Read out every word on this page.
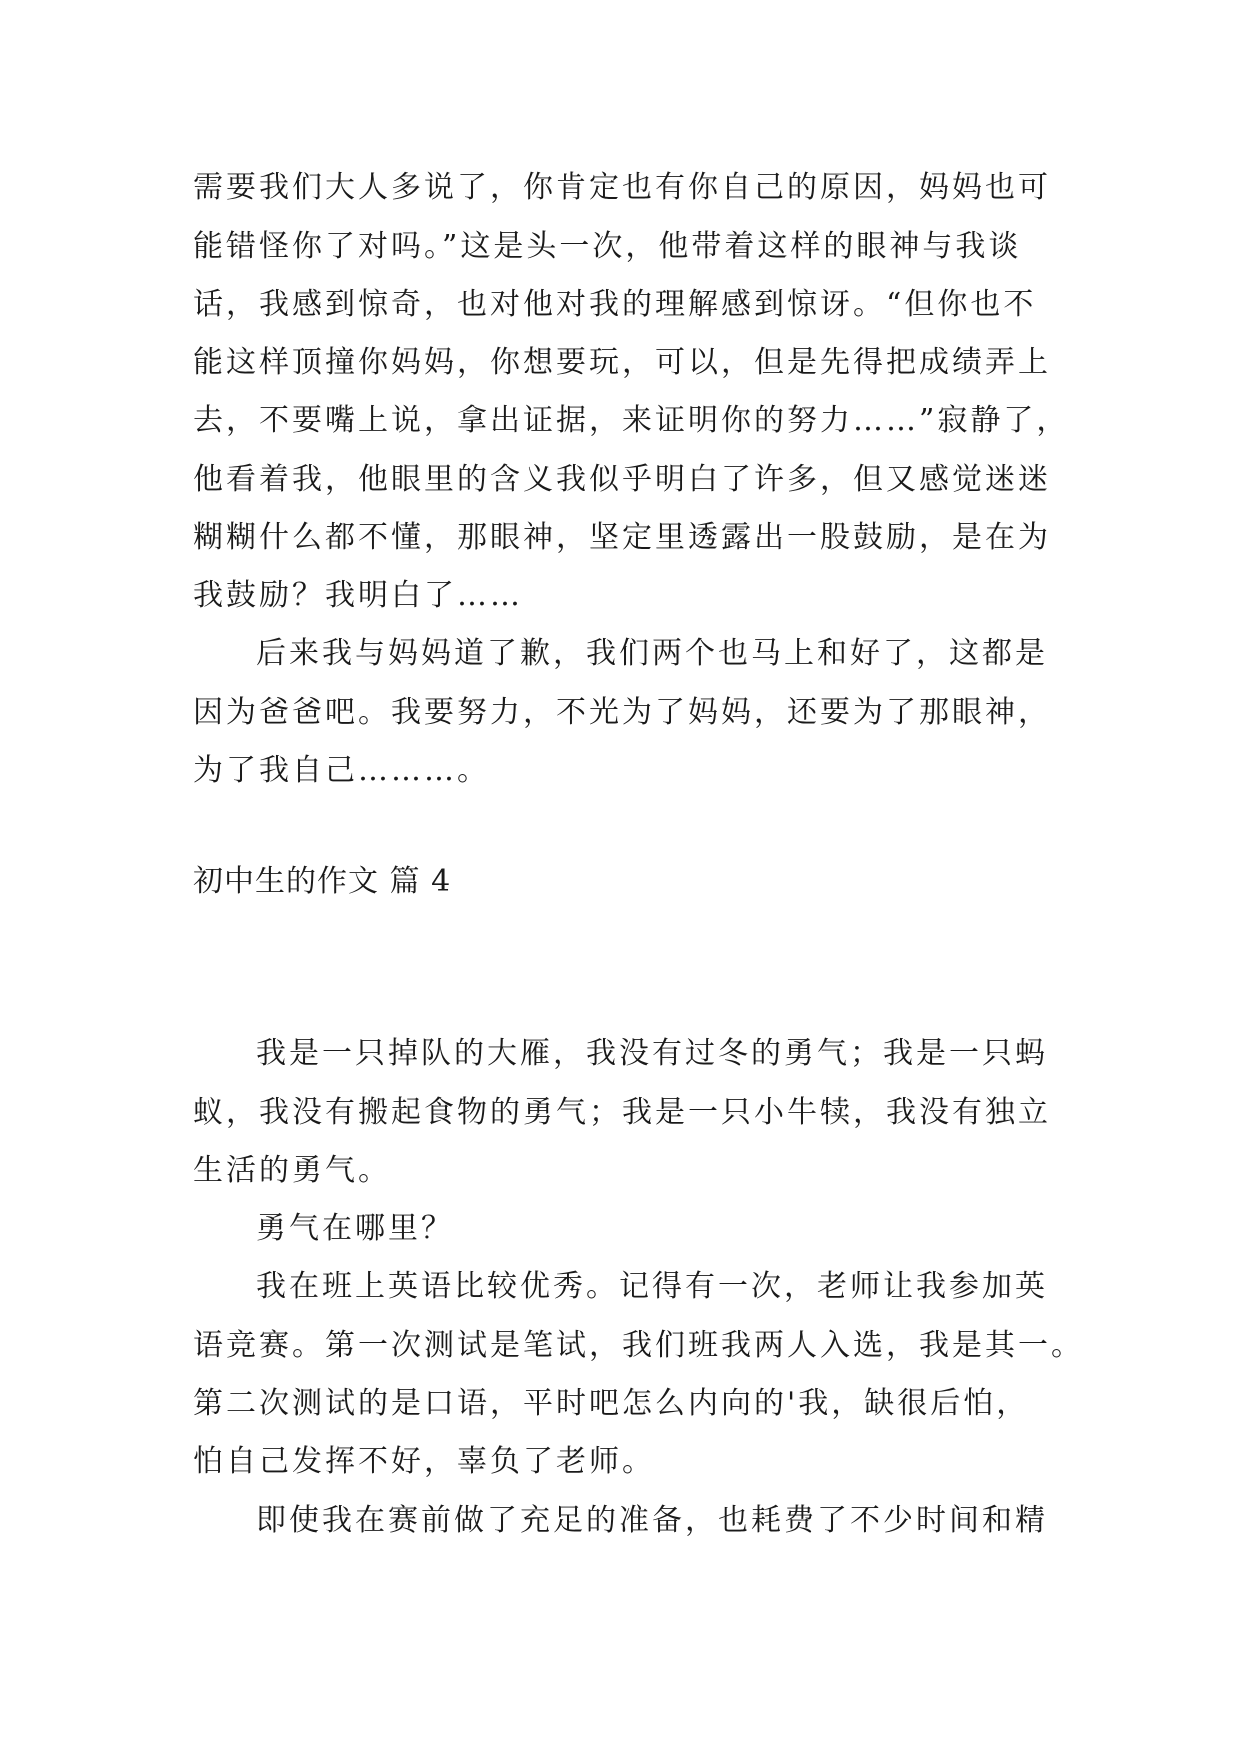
需要我们大人多说了，你肯定也有你自己的原因，妈妈也可
能错怪你了对吗。”这是头一次，他带着这样的眼神与我谈
话，我感到惊奇，也对他对我的理解感到惊讶。“但你也不
能这样顶撞你妈妈，你想要玩，可以，但是先得把成绩弄上
去，不要嘴上说，拿出证据，来证明你的努力……”寂静了，
他看着我，他眼里的含义我似乎明白了许多，但又感觉迷迷
糊糊什么都不懂，那眼神，坚定里透露出一股鼓励，是在为
我鼓励？我明白了……
后来我与妈妈道了歉，我们两个也马上和好了，这都是
因为爸爸吧。我要努力，不光为了妈妈，还要为了那眼神，
为了我自己………。
初中生的作文 篇 4
我是一只掉队的大雁，我没有过冬的勇气；我是一只蚂
蚁，我没有搬起食物的勇气；我是一只小牛犊，我没有独立
生活的勇气。
勇气在哪里？
我在班上英语比较优秀。记得有一次，老师让我参加英
语竞赛。第一次测试是笔试，我们班我两人入选，我是其一。
第二次测试的是口语，平时吧怎么内向的'我，缺很后怕，
怕自己发挥不好，辜负了老师。
即使我在赛前做了充足的准备，也耗费了不少时间和精
